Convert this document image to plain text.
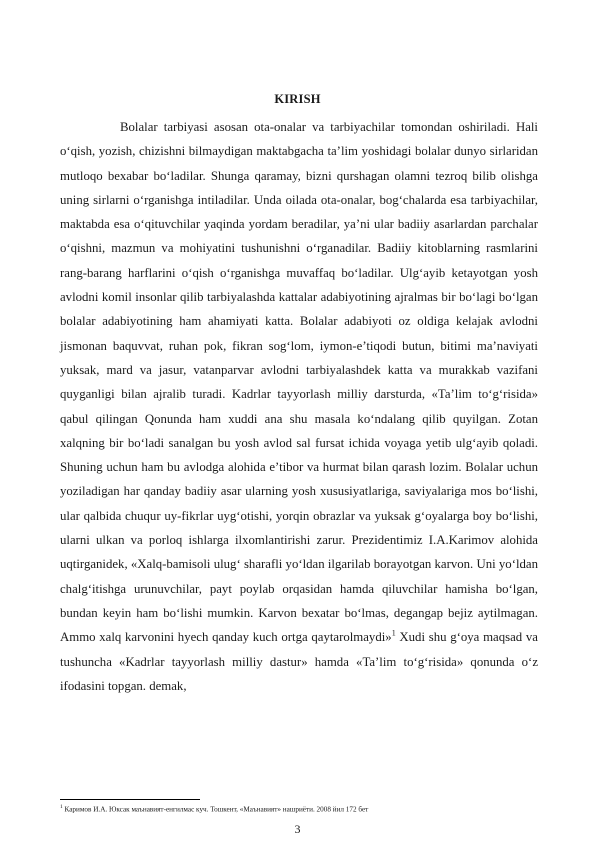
KIRISH

Bolalar tarbiyasi asosan ota-onalar va tarbiyachilar tomondan oshiriladi. Hali oʻqish, yozish, chizishni bilmaydigan maktabgacha ta’lim yoshidagi bolalar dunyo sirlaridan mutloqo bexabar boʻladilar. Shunga qaramay, bizni qurshagan olamni tezroq bilib olishga uning sirlarni oʻrganishga intiladilar. Unda oilada ota-onalar, bogʻchalarda esa tarbiyachilar, maktabda esa oʻqituvchilar yaqinda yordam beradilar, ya’ni ular badiiy asarlardan parchalar oʻqishni, mazmun va mohiyatini tushunishni oʻrganadilar. Badiiy kitoblarning rasmlarini rang-barang harflarini oʻqish oʻrganishga muvaffaq boʻladilar. Ulgʻayib ketayotgan yosh avlodni komil insonlar qilib tarbiyalashda kattalar adabiyotining ajralmas bir boʻlagi boʻlgan bolalar adabiyotining ham ahamiyati katta. Bolalar adabiyoti oz oldiga kelajak avlodni jismonan baquvvat, ruhan pok, fikran sogʻlom, iymon-e’tiqodi butun, bitimi ma’naviyati yuksak, mard va jasur, vatanparvar avlodni tarbiyalashdek katta va murakkab vazifani quyganligi bilan ajralib turadi. Kadrlar tayyorlash milliy darsturda, «Ta’lim toʻgʻrisida» qabul qilingan Qonunda ham xuddi ana shu masala koʻndalang qilib quyilgan. Zotan xalqning bir boʻladi sanalgan bu yosh avlod sal fursat ichida voyaga yetib ulgʻayib qoladi. Shuning uchun ham bu avlodga alohida e’tibor va hurmat bilan qarash lozim. Bolalar uchun yoziladigan har qanday badiiy asar ularning yosh xususiyatlariga, saviyalariga mos boʻlishi, ular qalbida chuqur uy-fikrlar uygʻotishi, yorqin obrazlar va yuksak gʻoyalarga boy boʻlishi, ularni ulkan va porloq ishlarga ilxomlantirishi zarur. Prezidentimiz I.A.Karimov alohida uqtirganidek, «Xalq-bamisoli ulugʻ sharafli yoʻldan ilgarilab borayotgan karvon. Uni yoʻldan chalgʻitishga urunuvchilar, payt poylab orqasidan hamda qiluvchilar hamisha boʻlgan, bundan keyin ham boʻlishi mumkin. Karvon bexatar boʻlmas, degangap bejiz aytilmagan. Ammo xalq karvonini hyech qanday kuch ortga qaytarolmaydi»$^1$ Xudi shu gʻoya maqsad va tushuncha «Kadrlar tayyorlash milliy dastur» hamda «Ta’lim toʻgʻrisida» qonunda oʻz ifodasini topgan. demak,

$^1$ Каримов И.А. Юксак маънавият-енгилмас куч. Тошкент, «Маънавият» нашриёти. 2008 йил 172 бет
3
